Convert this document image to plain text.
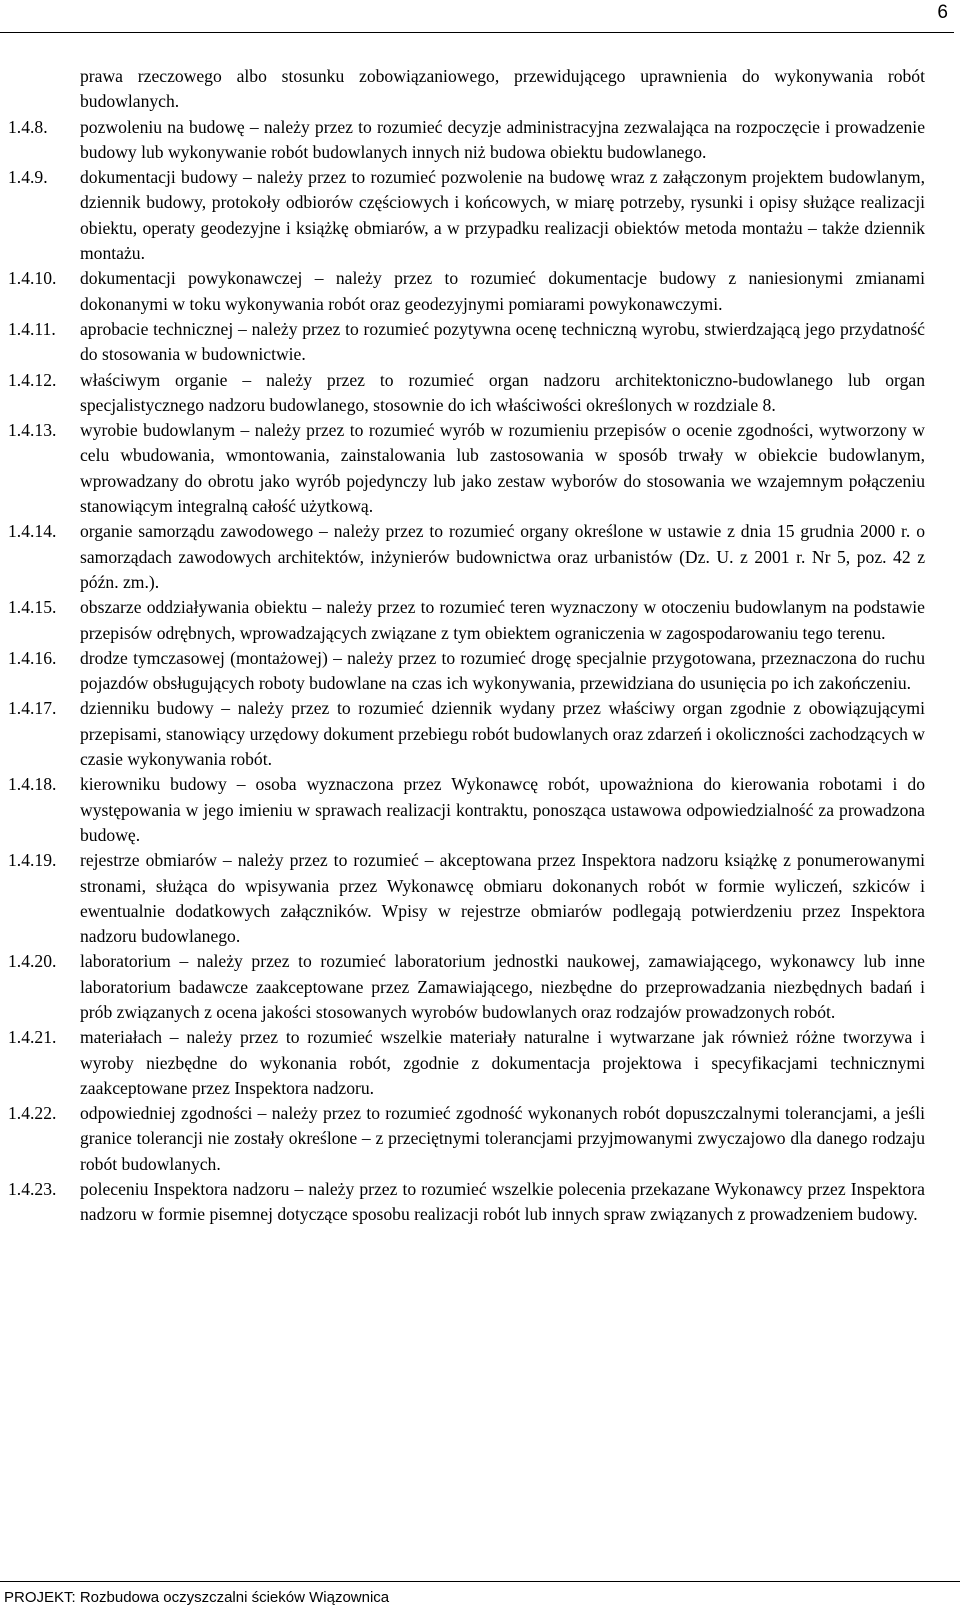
6
prawa rzeczowego albo stosunku zobowiązaniowego, przewidującego uprawnienia do wykonywania robót budowlanych.
1.4.8. pozwoleniu na budowę – należy przez to rozumieć decyzje administracyjna zezwalająca na rozpoczęcie i prowadzenie budowy lub wykonywanie robót budowlanych innych niż budowa obiektu budowlanego.
1.4.9. dokumentacji budowy – należy przez to rozumieć pozwolenie na budowę wraz z załączonym projektem budowlanym, dziennik budowy, protokoły odbiorów częściowych i końcowych, w miarę potrzeby, rysunki i opisy służące realizacji obiektu, operaty geodezyjne i książkę obmiarów, a w przypadku realizacji obiektów metoda montażu – także dziennik montażu.
1.4.10. dokumentacji powykonawczej – należy przez to rozumieć dokumentacje budowy z naniesionymi zmianami dokonanymi w toku wykonywania robót oraz geodezyjnymi pomiarami powykonawczymi.
1.4.11. aprobacie technicznej – należy przez to rozumieć pozytywna ocenę techniczną wyrobu, stwierdzającą jego przydatność do stosowania w budownictwie.
1.4.12. właściwym organie – należy przez to rozumieć organ nadzoru architektoniczno-budowlanego lub organ specjalistycznego nadzoru budowlanego, stosownie do ich właściwości określonych w rozdziale 8.
1.4.13. wyrobie budowlanym – należy przez to rozumieć wyrób w rozumieniu przepisów o ocenie zgodności, wytworzony w celu wbudowania, wmontowania, zainstalowania lub zastosowania w sposób trwały w obiekcie budowlanym, wprowadzany do obrotu jako wyrób pojedynczy lub jako zestaw wyborów do stosowania we wzajemnym połączeniu stanowiącym integralną całość użytkową.
1.4.14. organie samorządu zawodowego – należy przez to rozumieć organy określone w ustawie z dnia 15 grudnia 2000 r. o samorządach zawodowych architektów, inżynierów budownictwa oraz urbanistów (Dz. U. z 2001 r. Nr 5, poz. 42 z późn. zm.).
1.4.15. obszarze oddziaływania obiektu – należy przez to rozumieć teren wyznaczony w otoczeniu budowlanym na podstawie przepisów odrębnych, wprowadzających związane z tym obiektem ograniczenia w zagospodarowaniu tego terenu.
1.4.16. drodze tymczasowej (montażowej) – należy przez to rozumieć drogę specjalnie przygotowana, przeznaczona do ruchu pojazdów obsługujących roboty budowlane na czas ich wykonywania, przewidziana do usunięcia po ich zakończeniu.
1.4.17. dzienniku budowy – należy przez to rozumieć dziennik wydany przez właściwy organ zgodnie z obowiązującymi przepisami, stanowiący urzędowy dokument przebiegu robót budowlanych oraz zdarzeń i okoliczności zachodzących w czasie wykonywania robót.
1.4.18. kierowniku budowy – osoba wyznaczona przez Wykonawcę robót, upoważniona do kierowania robotami i do występowania w jego imieniu w sprawach realizacji kontraktu, ponosząca ustawowa odpowiedzialność za prowadzona budowę.
1.4.19. rejestrze obmiarów – należy przez to rozumieć – akceptowana przez Inspektora nadzoru książkę z ponumerowanymi stronami, służąca do wpisywania przez Wykonawcę obmiaru dokonanych robót w formie wyliczeń, szkiców i ewentualnie dodatkowych załączników. Wpisy w rejestrze obmiarów podlegają potwierdzeniu przez Inspektora nadzoru budowlanego.
1.4.20. laboratorium – należy przez to rozumieć laboratorium jednostki naukowej, zamawiającego, wykonawcy lub inne laboratorium badawcze zaakceptowane przez Zamawiającego, niezbędne do przeprowadzania niezbędnych badań i prób związanych z ocena jakości stosowanych wyrobów budowlanych oraz rodzajów prowadzonych robót.
1.4.21. materiałach – należy przez to rozumieć wszelkie materiały naturalne i wytwarzane jak również różne tworzywa i wyroby niezbędne do wykonania robót, zgodnie z dokumentacja projektowa i specyfikacjami technicznymi zaakceptowane przez Inspektora nadzoru.
1.4.22. odpowiedniej zgodności – należy przez to rozumieć zgodność wykonanych robót dopuszczalnymi tolerancjami, a jeśli granice tolerancji nie zostały określone – z przeciętnymi tolerancjami przyjmowanymi zwyczajowo dla danego rodzaju robót budowlanych.
1.4.23. poleceniu Inspektora nadzoru – należy przez to rozumieć wszelkie polecenia przekazane Wykonawcy przez Inspektora nadzoru w formie pisemnej dotyczące sposobu realizacji robót lub innych spraw związanych z prowadzeniem budowy.
PROJEKT: Rozbudowa oczyszczalni ścieków Wiązownica
